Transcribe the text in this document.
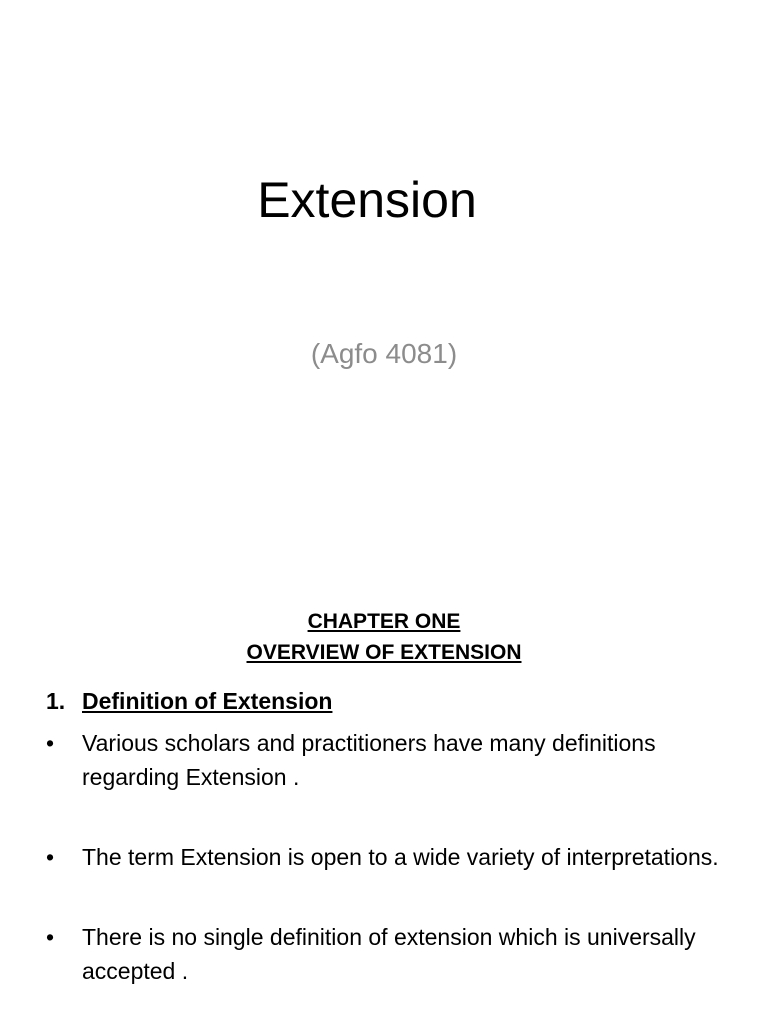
Extension
(Agfo 4081)
CHAPTER ONE
OVERVIEW OF EXTENSION
1. Definition of Extension
• Various scholars and practitioners have many definitions regarding Extension .
• The term Extension is open to a wide variety of interpretations.
• There is no single definition of extension which is universally accepted .
